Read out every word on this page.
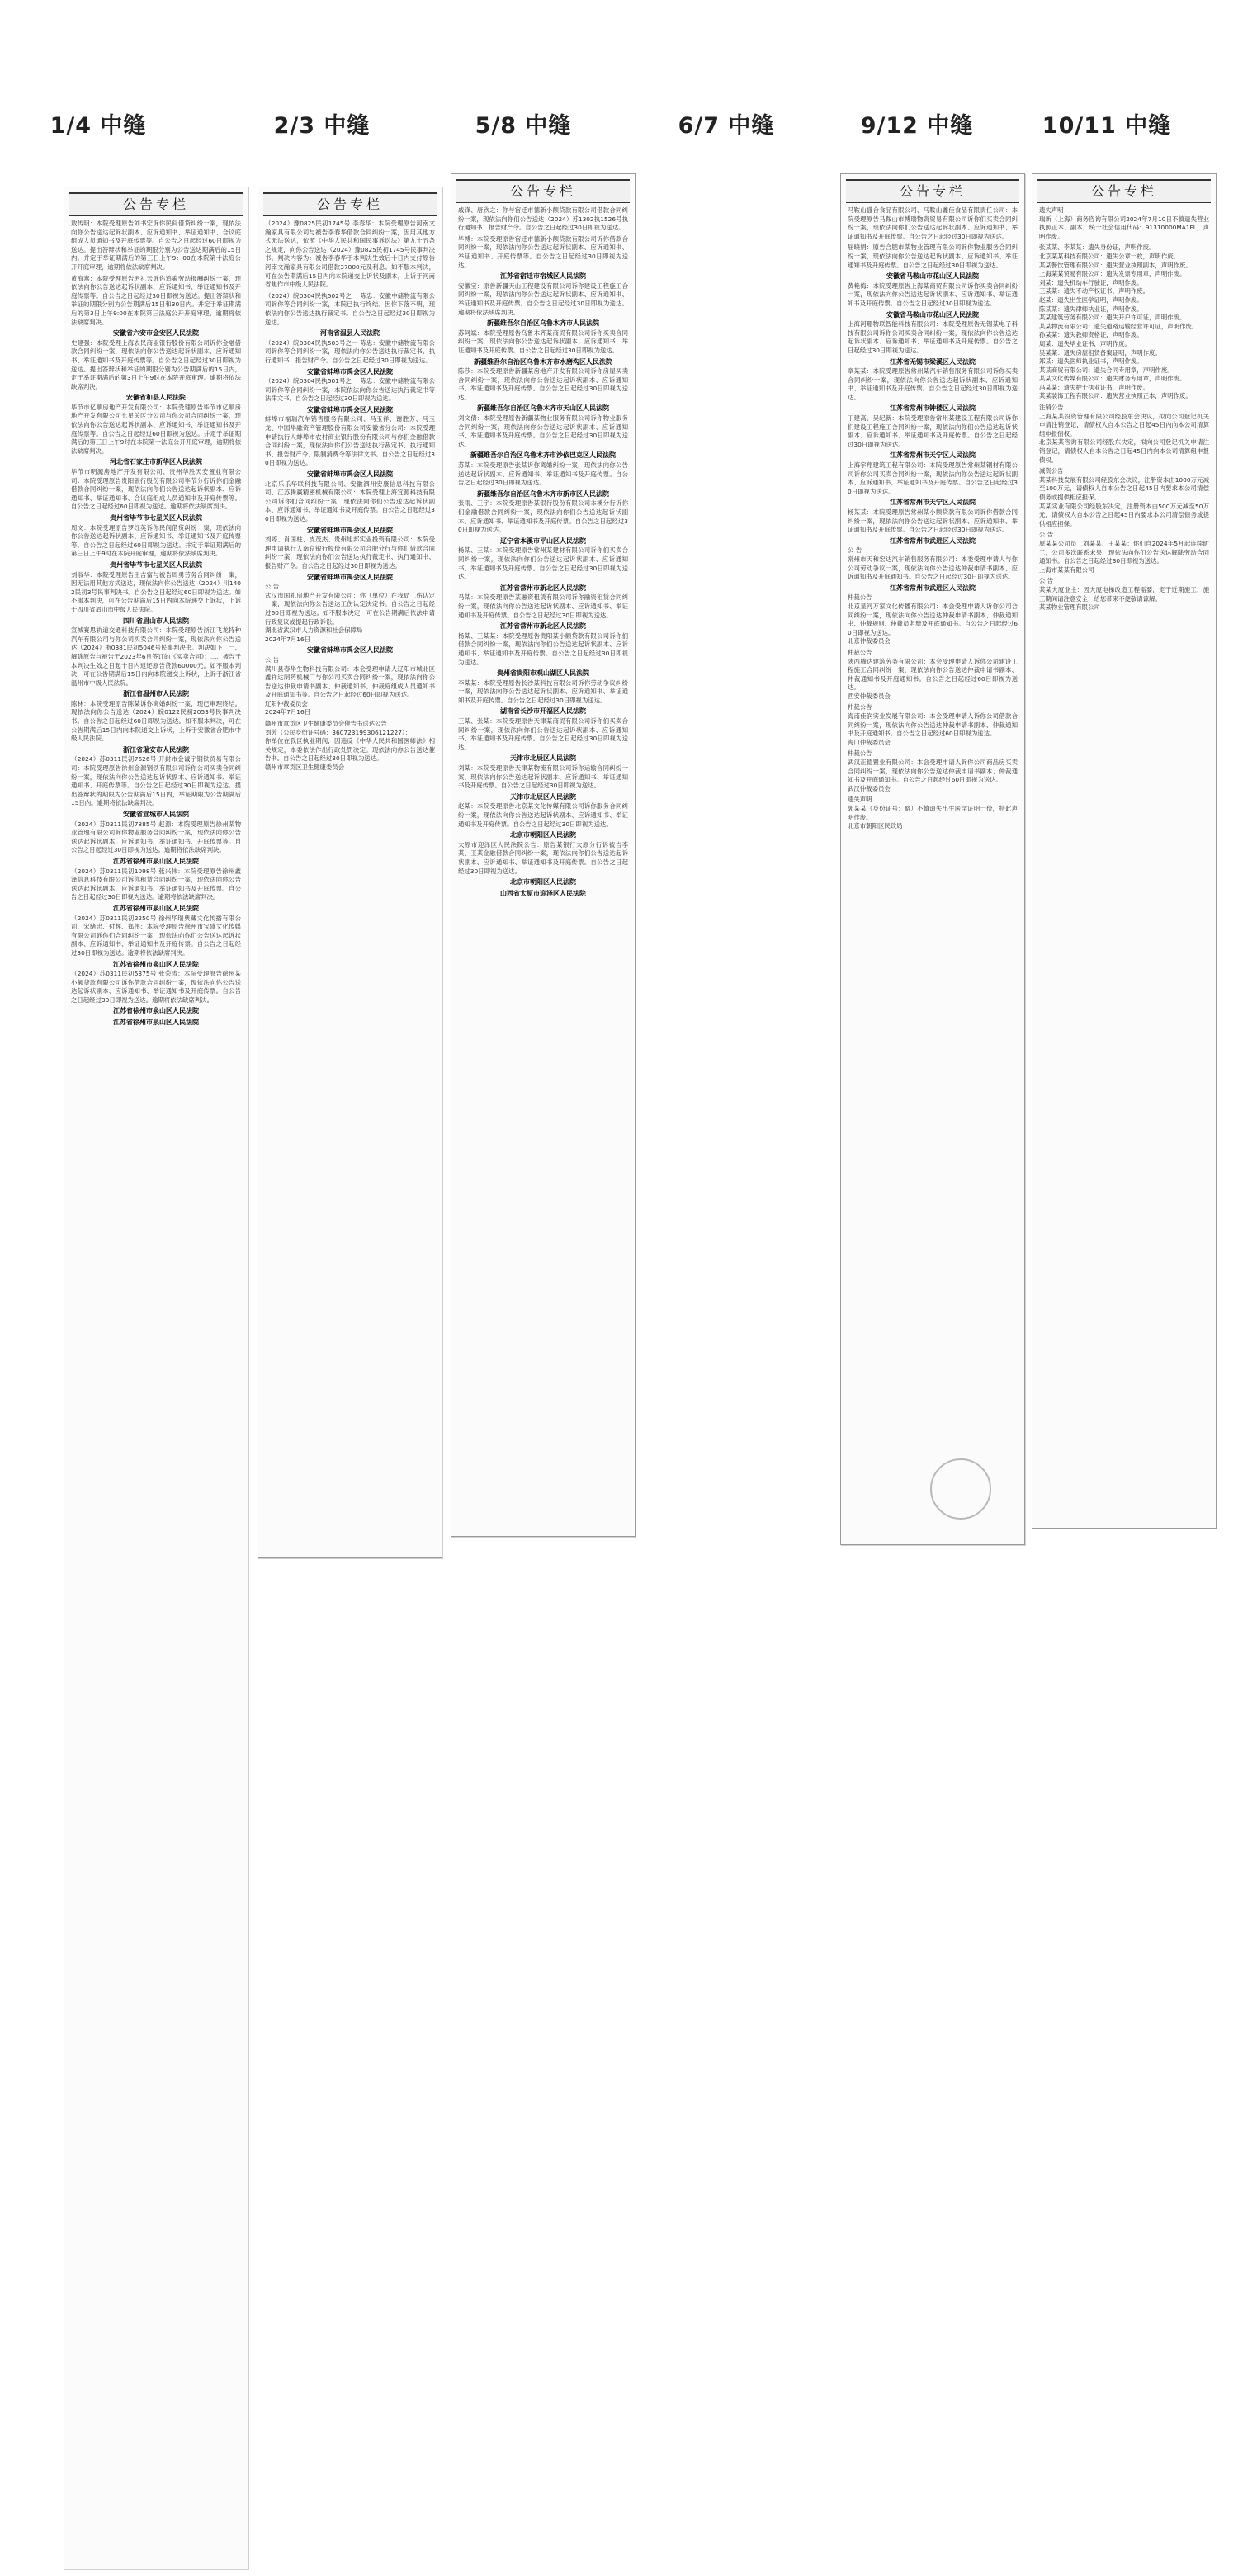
1/4 中缝	2/3 中缝	5/8 中缝	6/7 中缝	9/12 中缝	10/11 中缝
公告专栏
敖传明：本院受理原告刘书宏诉你民间借贷纠纷一案，现依法向你公告送达起诉状副本、应诉通知书、举证通知书、合议庭组成人员通知书及开庭传票等。自公告之日起经过60日即视为送达。提出答辩状和举证的期限分别为公告送达期满后的15日内。并定于举证期满后的第三日上午9：00在本院第十法庭公开开庭审理，逾期将依法缺席判决。
黄海燕：本院受理原告尹礼云诉你追索劳动报酬纠纷一案，现依法向你公告送达起诉状副本、应诉通知书、举证通知书及开庭传票等。自公告之日起经过30日即视为送达。提出答辩状和举证的期限分别为公告期满后15日和30日内。并定于举证期满后的第3日上午9:00在本院第三法庭公开开庭审理，逾期将依法缺席判决。
安徽省六安市金安区人民法院
史建强：本院受理上海农民商业银行股份有限公司诉你金融借款合同纠纷一案，现依法向你公告送达起诉状副本、应诉通知书、举证通知书及开庭传票等。自公告之日起经过30日即视为送达。提出答辩状和举证的期限分别为公告期满后的15日内，定于举证期满后的第3日上午9时在本院开庭审理。逾期将依法缺席判决。
安徽省和县人民法院
毕节市亿顺房地产开发有限公司：本院受理原告毕节市亿顺房地产开发有限公司七星关区分公司与你公司合同纠纷一案，现依法向你公告送达起诉状副本、应诉通知书、举证通知书及开庭传票等。自公告之日起经过60日即视为送达。并定于举证期满后的第三日上午9时在本院第一法庭公开开庭审理，逾期将依法缺席判决。
河北省石家庄市新华区人民法院
毕节市明源房地产开发有限公司、贵州华胜天安置业有限公司：本院受理原告贵阳银行股份有限公司毕节分行诉你们金融借款合同纠纷一案，现依法向你们公告送达起诉状副本、应诉通知书、举证通知书、合议庭组成人员通知书及开庭传票等。自公告之日起经过60日即视为送达。逾期将依法缺席判决。
贵州省毕节市七星关区人民法院
周文：本院受理原告罗红英诉你民间借贷纠纷一案，现依法向你公告送达起诉状副本、应诉通知书、举证通知书及开庭传票等。自公告之日起经过60日即视为送达。并定于举证期满后的第三日上午9时在本院开庭审理，逾期将依法缺席判决。
贵州省毕节市七星关区人民法院
刘淑华：本院受理原告王吉富与被告周勇劳务合同纠纷一案，因无法用其他方式送达，现依法向你公告送达（2024）川1402民初3号民事判决书。自公告之日起经过60日即视为送达。如不服本判决，可在公告期满后15日内向本院递交上诉状，上诉于四川省眉山市中级人民法院。
四川省眉山市人民法院
宣城赛思轨道交通科技有限公司：本院受理原告浙江飞龙特种汽车有限公司与你公司买卖合同纠纷一案，现依法向你公告送达（2024）浙0381民初5046号民事判决书。判决如下：一、解除原告与被告于2023年6月签订的《买卖合同》；二、被告于本判决生效之日起十日内返还原告货款60000元。如不服本判决，可在公告期满后15日内向本院递交上诉状，上诉于浙江省温州市中级人民法院。
浙江省温州市人民法院
陈林：本院受理原告陈某诉你离婚纠纷一案，现已审理终结。现依法向你公告送达（2024）皖0122民初2053号民事判决书。自公告之日起经过60日即视为送达。如不服本判决，可在公告期满后15日内向本院递交上诉状，上诉于安徽省合肥市中级人民法院。
浙江省瑞安市人民法院
（2024）苏0311民初7626号 开封市金诚宇钢铁贸易有限公司：本院受理原告徐州金源钢铁有限公司诉你公司买卖合同纠纷一案，现依法向你公告送达起诉状副本、应诉通知书、举证通知书、开庭传票等。自公告之日起经过30日即视为送达。提出答辩状的期限为公告期满后15日内，举证期限为公告期满后15日内。逾期将依法缺席判决。
安徽省宣城市人民法院
（2024）苏0311民初7885号 赵源：本院受理原告徐州某物业管理有限公司诉你物业服务合同纠纷一案，现依法向你公告送达起诉状副本、应诉通知书、举证通知书、开庭传票等。自公告之日起经过30日即视为送达。逾期将依法缺席判决。
江苏省徐州市泉山区人民法院
（2024）苏0311民初1098号 张兴伟：本院受理原告徐州鑫泽信息科技有限公司诉你租赁合同纠纷一案，现依法向你公告送达起诉状副本、应诉通知书、举证通知书及开庭传票。自公告之日起经过30日即视为送达。逾期将依法缺席判决。
江苏省徐州市泉山区人民法院
（2024）苏0311民初2250号 徐州华瑞典藏文化传播有限公司、宋绪忠、付辉、郑伟：本院受理原告徐州市宝盛文化传媒有限公司诉你们合同纠纷一案，现依法向你们公告送达起诉状副本、应诉通知书、举证通知书及开庭传票。自公告之日起经过30日即视为送达。逾期将依法缺席判决。
江苏省徐州市泉山区人民法院
（2024）苏0311民初5375号 张荣涛：本院受理原告徐州某小额贷款有限公司诉你借款合同纠纷一案，现依法向你公告送达起诉状副本、应诉通知书、举证通知书及开庭传票。自公告之日起经过30日即视为送达。逾期将依法缺席判决。
江苏省徐州市泉山区人民法院
江苏省徐州市泉山区人民法院
公告专栏
（2024）豫0825民初1745号 李春华：本院受理原告河南文瀚家具有限公司与被告李春华借款合同纠纷一案，因用其他方式无法送达，依照《中华人民共和国民事诉讼法》第九十五条之规定，向你公告送达（2024）豫0825民初1745号民事判决书。判决内容为：被告李春华于本判决生效后十日内支付原告河南文瀚家具有限公司借款37800元及利息。如不服本判决，可在公告期满后15日内向本院递交上诉状及副本，上诉于河南省焦作市中级人民法院。
（2024）皖0304民执502号之一 陈忠：安徽中储物流有限公司诉你等合同纠纷一案，本院已执行终结。因你下落不明，现依法向你公告送达执行裁定书。自公告之日起经过30日即视为送达。
河南省温县人民法院
（2024）皖0304民执503号之一 陈忠：安徽中储物流有限公司诉你等合同纠纷一案，现依法向你公告送达执行裁定书、执行通知书、报告财产令。自公告之日起经过30日即视为送达。
安徽省蚌埠市禹会区人民法院
（2024）皖0304民执501号之一 陈忠：安徽中储物流有限公司诉你等合同纠纷一案，本院依法向你公告送达执行裁定书等法律文书。自公告之日起经过30日即视为送达。
安徽省蚌埠市禹会区人民法院
蚌埠市福瑞汽车销售服务有限公司、马玉祥、谢胜芳、马玉龙、中国华融资产管理股份有限公司安徽省分公司：本院受理申请执行人蚌埠市农村商业银行股份有限公司与你们金融借款合同纠纷一案，现依法向你们公告送达执行裁定书、执行通知书、报告财产令、限制消费令等法律文书。自公告之日起经过30日即视为送达。
安徽省蚌埠市禹会区人民法院
北京乐乐华联科技有限公司、安徽泗州安康信息科技有限公司、江苏腾赢精密机械有限公司：本院受理上海宜源科技有限公司诉你们合同纠纷一案，现依法向你们公告送达起诉状副本、应诉通知书、举证通知书及开庭传票。自公告之日起经过30日即视为送达。
安徽省蚌埠市禹会区人民法院
刘婷、肖国柱、皮茂杰、贵州旭邦实业投资有限公司：本院受理申请执行人南京银行股份有限公司合肥分行与你们借款合同纠纷一案，现依法向你们公告送达执行裁定书、执行通知书、报告财产令。自公告之日起经过30日即视为送达。
安徽省蚌埠市禹会区人民法院
公 告
武汉市国礼房地产开发有限公司：你（单位）在我局工伤认定一案，现依法向你公告送达工伤认定决定书。自公告之日起经过60日即视为送达。如不服本决定，可在公告期满后依法申请行政复议或提起行政诉讼。
湖北省武汉市人力资源和社会保障局
2024年7月16日
安徽省蚌埠市禹会区人民法院
公 告
满川县春华生物科技有限公司：本会受理申请人辽阳市城北区鑫祥达制药机械厂与你公司买卖合同纠纷一案，现依法向你公告送达仲裁申请书副本、仲裁通知书、仲裁庭组成人员通知书及开庭通知书等。自公告之日起经过60日即视为送达。
辽阳仲裁委员会
2024年7月16日
赣州市章贡区卫生健康委员会催告书送达公告
刘芳（公民身份证号码：360723199306121227）：
你单位在我区执业期间，因违反《中华人民共和国医师法》相关规定，本委依法作出行政处罚决定。现依法向你公告送达催告书。自公告之日起经过30日即视为送达。
赣州市章贡区卫生健康委员会
公告专栏
戚锋、唐欣之：你与宿迁市德新小额贷款有限公司借款合同纠纷一案，现依法向你们公告送达（2024）苏1302执1526号执行通知书、报告财产令。自公告之日起经过30日即视为送达。
毕博：本院受理原告宿迁市德新小额贷款有限公司诉你借款合同纠纷一案，现依法向你公告送达起诉状副本、应诉通知书、举证通知书、开庭传票等。自公告之日起经过30日即视为送达。
江苏省宿迁市宿城区人民法院
安徽宝：原告新疆天山工程建设有限公司诉你建设工程施工合同纠纷一案，现依法向你公告送达起诉状副本、应诉通知书、举证通知书及开庭传票。自公告之日起经过30日即视为送达。逾期将依法缺席判决。
新疆维吾尔自治区乌鲁木齐市人民法院
苏阿斌：本院受理原告乌鲁木齐某商贸有限公司诉你买卖合同纠纷一案，现依法向你公告送达起诉状副本、应诉通知书、举证通知书及开庭传票。自公告之日起经过30日即视为送达。
新疆维吾尔自治区乌鲁木齐市水磨沟区人民法院
陈莎：本院受理原告新疆某房地产开发有限公司诉你房屋买卖合同纠纷一案，现依法向你公告送达起诉状副本、应诉通知书、举证通知书及开庭传票。自公告之日起经过30日即视为送达。
新疆维吾尔自治区乌鲁木齐市天山区人民法院
刘文倩：本院受理原告新疆某物业服务有限公司诉你物业服务合同纠纷一案，现依法向你公告送达起诉状副本、应诉通知书、举证通知书及开庭传票。自公告之日起经过30日即视为送达。
新疆维吾尔自治区乌鲁木齐市沙依巴克区人民法院
苏某：本院受理原告张某诉你离婚纠纷一案，现依法向你公告送达起诉状副本、应诉通知书、举证通知书及开庭传票。自公告之日起经过30日即视为送达。
新疆维吾尔自治区乌鲁木齐市新市区人民法院
张雨、王宇：本院受理原告某银行股份有限公司本溪分行诉你们金融借款合同纠纷一案，现依法向你们公告送达起诉状副本、应诉通知书、举证通知书及开庭传票。自公告之日起经过30日即视为送达。
辽宁省本溪市平山区人民法院
杨某、王某：本院受理原告常州某建材有限公司诉你们买卖合同纠纷一案，现依法向你们公告送达起诉状副本、应诉通知书、举证通知书及开庭传票。自公告之日起经过30日即视为送达。
江苏省常州市新北区人民法院
马某：本院受理原告某融资租赁有限公司诉你融资租赁合同纠纷一案，现依法向你公告送达起诉状副本、应诉通知书、举证通知书及开庭传票。自公告之日起经过30日即视为送达。
江苏省常州市新北区人民法院
杨某、王某某：本院受理原告贵阳某小额贷款有限公司诉你们借款合同纠纷一案，现依法向你们公告送达起诉状副本、应诉通知书、举证通知书及开庭传票。自公告之日起经过30日即视为送达。
贵州省贵阳市观山湖区人民法院
李某某：本院受理原告长沙某科技有限公司诉你劳动争议纠纷一案，现依法向你公告送达起诉状副本、应诉通知书、举证通知书及开庭传票。自公告之日起经过30日即视为送达。
湖南省长沙市开福区人民法院
王某、张某：本院受理原告天津某商贸有限公司诉你们买卖合同纠纷一案，现依法向你们公告送达起诉状副本、应诉通知书、举证通知书及开庭传票。自公告之日起经过30日即视为送达。
天津市北辰区人民法院
刘某：本院受理原告天津某物流有限公司诉你运输合同纠纷一案，现依法向你公告送达起诉状副本、应诉通知书、举证通知书及开庭传票。自公告之日起经过30日即视为送达。
天津市北辰区人民法院
赵某：本院受理原告北京某文化传媒有限公司诉你服务合同纠纷一案，现依法向你公告送达起诉状副本、应诉通知书、举证通知书及开庭传票。自公告之日起经过30日即视为送达。
北京市朝阳区人民法院
太原市迎泽区人民法院公告：原告某银行太原分行诉被告李某、王某金融借款合同纠纷一案，现依法向你们公告送达起诉状副本、应诉通知书、举证通知书及开庭传票。自公告之日起经过30日即视为送达。
北京市朝阳区人民法院
山西省太原市迎泽区人民法院
公告专栏
马鞍山盛合食品有限公司、马鞍山鑫佳食品有限责任公司：本院受理原告马鞍山市博瑞物资贸易有限公司诉你们买卖合同纠纷一案，现依法向你们公告送达起诉状副本、应诉通知书、举证通知书及开庭传票。自公告之日起经过30日即视为送达。
屈晓娟：原告合肥市某物业管理有限公司诉你物业服务合同纠纷一案，现依法向你公告送达起诉状副本、应诉通知书、举证通知书及开庭传票。自公告之日起经过30日即视为送达。
安徽省马鞍山市花山区人民法院
黄艳梅：本院受理原告上海某商贸有限公司诉你买卖合同纠纷一案，现依法向你公告送达起诉状副本、应诉通知书、举证通知书及开庭传票。自公告之日起经过30日即视为送达。
安徽省马鞍山市花山区人民法院
上海河珊物联智能科技有限公司：本院受理原告无锡某电子科技有限公司诉你公司买卖合同纠纷一案，现依法向你公告送达起诉状副本、应诉通知书、举证通知书及开庭传票。自公告之日起经过30日即视为送达。
江苏省无锡市梁溪区人民法院
章某某：本院受理原告常州某汽车销售服务有限公司诉你买卖合同纠纷一案，现依法向你公告送达起诉状副本、应诉通知书、举证通知书及开庭传票。自公告之日起经过30日即视为送达。
江苏省常州市钟楼区人民法院
丁建高、吴纪新：本院受理原告常州某建设工程有限公司诉你们建设工程施工合同纠纷一案，现依法向你们公告送达起诉状副本、应诉通知书、举证通知书及开庭传票。自公告之日起经过30日即视为送达。
江苏省常州市天宁区人民法院
上海宇翔建筑工程有限公司：本院受理原告常州某钢材有限公司诉你公司买卖合同纠纷一案，现依法向你公告送达起诉状副本、应诉通知书、举证通知书及开庭传票。自公告之日起经过30日即视为送达。
江苏省常州市天宁区人民法院
杨某某：本院受理原告常州某小额贷款有限公司诉你借款合同纠纷一案，现依法向你公告送达起诉状副本、应诉通知书、举证通知书及开庭传票。自公告之日起经过30日即视为送达。
江苏省常州市武进区人民法院
公 告
常州市天和宏达汽车销售服务有限公司：本委受理申请人与你公司劳动争议一案，现依法向你公告送达仲裁申请书副本、应诉通知书及开庭通知书。自公告之日起经过30日即视为送达。
江苏省常州市武进区人民法院
仲裁公告
北京星河万家文化传播有限公司：本会受理申请人诉你公司合同纠纷一案，现依法向你公告送达仲裁申请书副本、仲裁通知书、仲裁规则、仲裁员名册及开庭通知书。自公告之日起经过60日即视为送达。
北京仲裁委员会
仲裁公告
陕西腾达建筑劳务有限公司：本会受理申请人诉你公司建设工程施工合同纠纷一案，现依法向你公告送达仲裁申请书副本、仲裁通知书及开庭通知书。自公告之日起经过60日即视为送达。
西安仲裁委员会
仲裁公告
海南佳润实业发展有限公司：本会受理申请人诉你公司借款合同纠纷一案，现依法向你公告送达仲裁申请书副本、仲裁通知书及开庭通知书。自公告之日起经过60日即视为送达。
海口仲裁委员会
仲裁公告
武汉正德置业有限公司：本会受理申请人诉你公司商品房买卖合同纠纷一案，现依法向你公告送达仲裁申请书副本、仲裁通知书及开庭通知书。自公告之日起经过60日即视为送达。
武汉仲裁委员会
遗失声明
郭某某（身份证号：略）不慎遗失出生医学证明一份，特此声明作废。
北京市朝阳区民政局
公告专栏
遗失声明
瑞新（上海）商务咨询有限公司2024年7月10日不慎遗失营业执照正本、副本，统一社会信用代码：91310000MA1FL，声明作废。
张某某、李某某：遗失身份证，声明作废。
北京某某科技有限公司：遗失公章一枚，声明作废。
某某餐饮管理有限公司：遗失营业执照副本，声明作废。
上海某某贸易有限公司：遗失发票专用章，声明作废。
刘某：遗失机动车行驶证，声明作废。
王某某：遗失不动产权证书，声明作废。
赵某：遗失出生医学证明，声明作废。
陈某某：遗失律师执业证，声明作废。
某某建筑劳务有限公司：遗失开户许可证，声明作废。
某某物流有限公司：遗失道路运输经营许可证，声明作废。
孙某某：遗失教师资格证，声明作废。
周某：遗失毕业证书，声明作废。
吴某某：遗失房屋租赁备案证明，声明作废。
郑某：遗失医师执业证书，声明作废。
某某商贸有限公司：遗失合同专用章，声明作废。
某某文化传媒有限公司：遗失财务专用章，声明作废。
冯某某：遗失护士执业证书，声明作废。
某某装饰工程有限公司：遗失营业执照正本，声明作废。
注销公告
上海某某投资管理有限公司经股东会决议，拟向公司登记机关申请注销登记，请债权人自本公告之日起45日内向本公司清算组申报债权。
北京某某咨询有限公司经股东决定，拟向公司登记机关申请注销登记，请债权人自本公告之日起45日内向本公司清算组申报债权。
减资公告
某某科技发展有限公司经股东会决议，注册资本由1000万元减至100万元，请债权人自本公告之日起45日内要求本公司清偿债务或提供相应担保。
某某实业有限公司经股东决定，注册资本由500万元减至50万元，请债权人自本公告之日起45日内要求本公司清偿债务或提供相应担保。
公 告
原某某公司员工刘某某、王某某：你们自2024年5月起连续旷工，公司多次联系未果，现依法向你们公告送达解除劳动合同通知书。自公告之日起经过30日即视为送达。
上海市某某有限公司
公 告
某某大厦业主：因大厦电梯改造工程需要，定于近期施工，施工期间请注意安全，给您带来不便敬请谅解。
某某物业管理有限公司
